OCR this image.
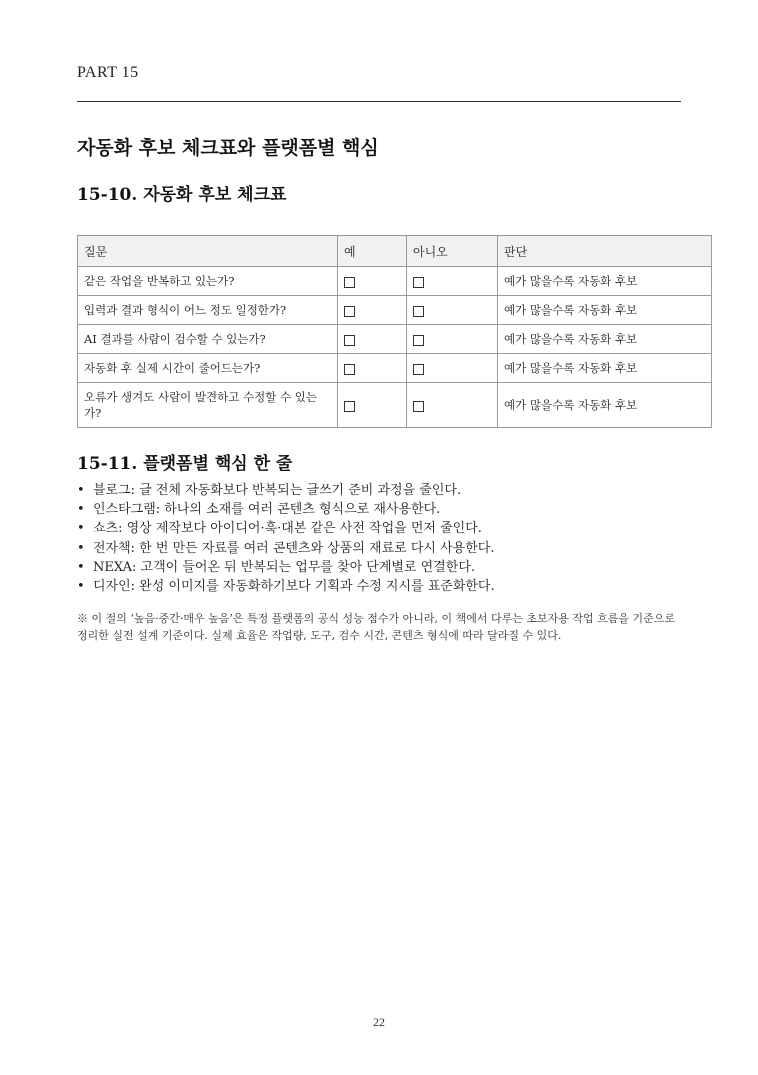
PART 15
자동화 후보 체크표와 플랫폼별 핵심
15-10. 자동화 후보 체크표
질문	예	아니오	판단
같은 작업을 반복하고 있는가?			예가 많을수록 자동화 후보
입력과 결과 형식이 어느 정도 일정한가?			예가 많을수록 자동화 후보
AI 결과를 사람이 검수할 수 있는가?			예가 많을수록 자동화 후보
자동화 후 실제 시간이 줄어드는가?			예가 많을수록 자동화 후보
오류가 생겨도 사람이 발견하고 수정할 수 있는가?			예가 많을수록 자동화 후보
15-11. 플랫폼별 핵심 한 줄
• 블로그: 글 전체 자동화보다 반복되는 글쓰기 준비 과정을 줄인다.
• 인스타그램: 하나의 소재를 여러 콘텐츠 형식으로 재사용한다.
• 쇼츠: 영상 제작보다 아이디어·훅·대본 같은 사전 작업을 먼저 줄인다.
• 전자책: 한 번 만든 자료를 여러 콘텐츠와 상품의 재료로 다시 사용한다.
• NEXA: 고객이 들어온 뒤 반복되는 업무를 찾아 단계별로 연결한다.
• 디자인: 완성 이미지를 자동화하기보다 기획과 수정 지시를 표준화한다.
※ 이 절의 ‘높음·중간·매우 높음’은 특정 플랫폼의 공식 성능 점수가 아니라, 이 책에서 다루는 초보자용 작업 흐름을 기준으로 정리한 실전 설계 기준이다. 실제 효율은 작업량, 도구, 검수 시간, 콘텐츠 형식에 따라 달라질 수 있다.
22
